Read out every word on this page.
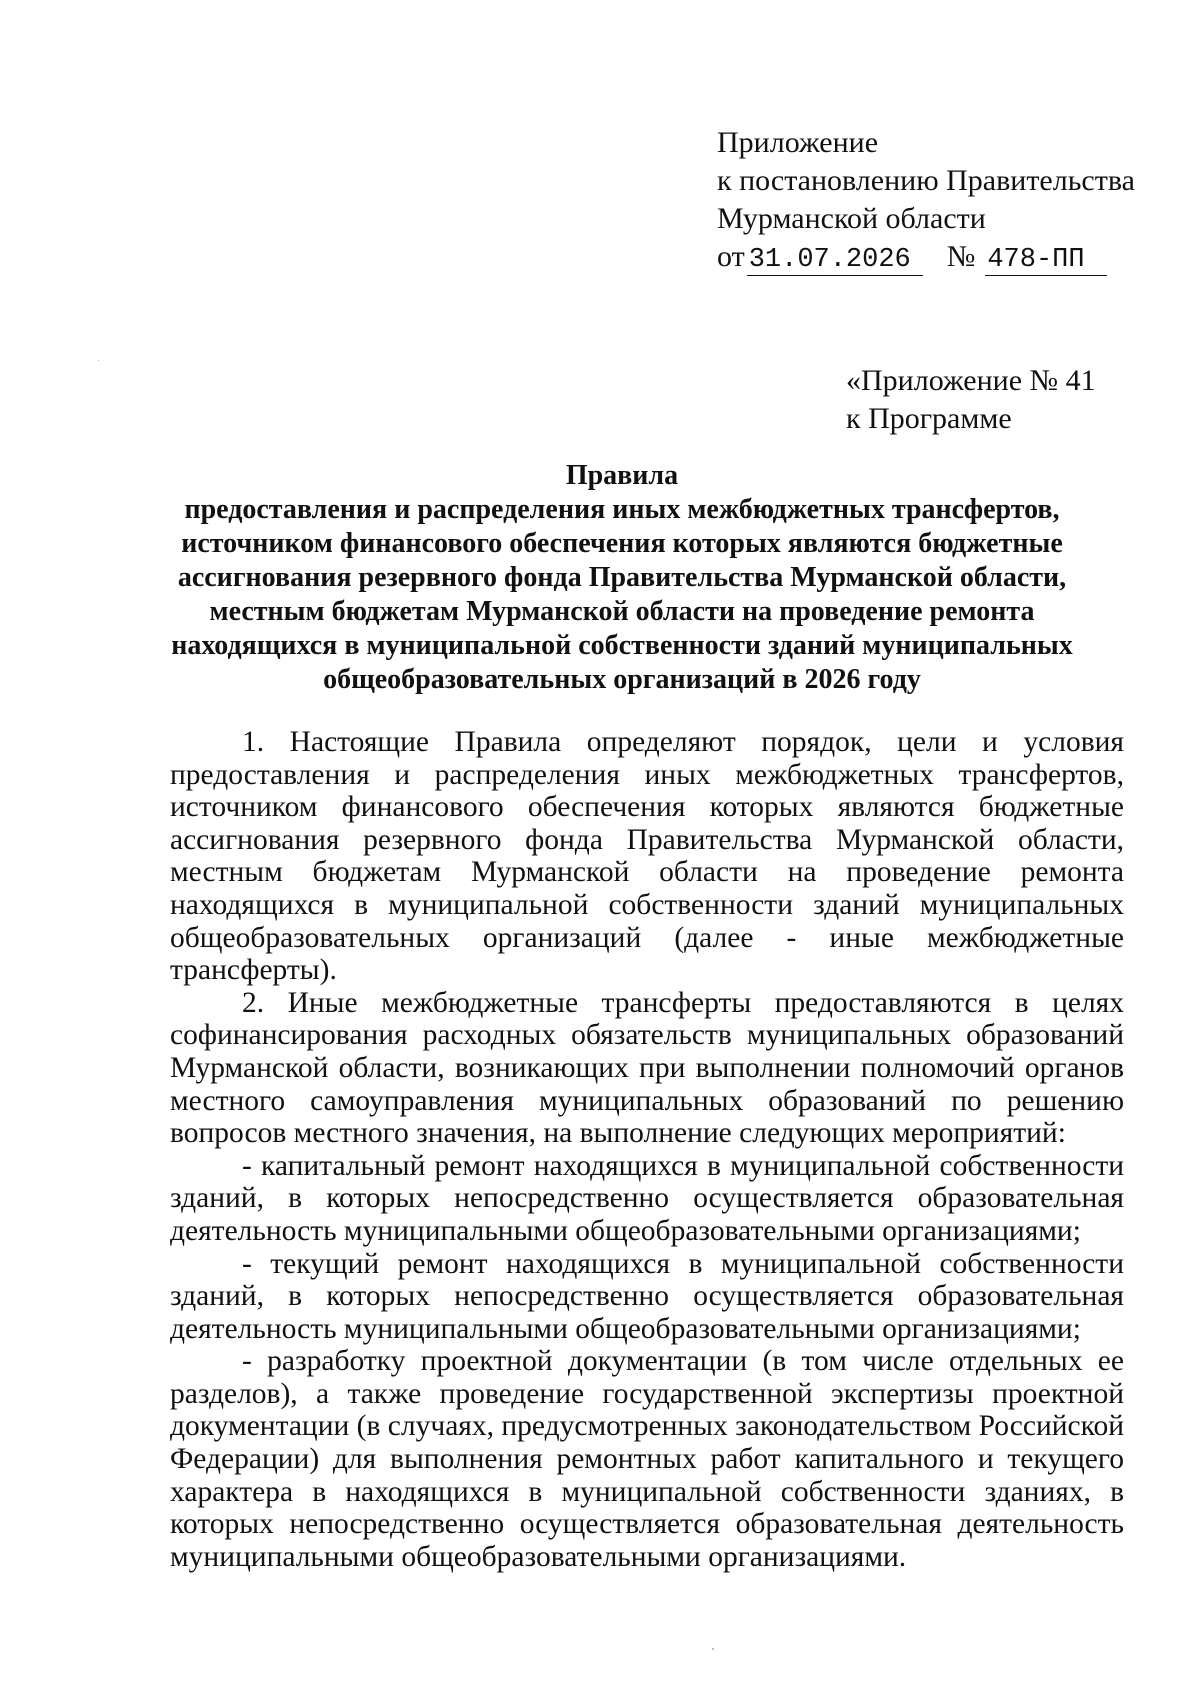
Приложение
к постановлению Правительства
Мурманской области
от 31.07.2026 № 478-ПП
«Приложение № 41
к Программе
Правила
предоставления и распределения иных межбюджетных трансфертов,
источником финансового обеспечения которых являются бюджетные
ассигнования резервного фонда Правительства Мурманской области,
местным бюджетам Мурманской области на проведение ремонта
находящихся в муниципальной собственности зданий муниципальных
общеобразовательных организаций в 2026 году

1. Настоящие Правила определяют порядок, цели и условия предоставления и распределения иных межбюджетных трансфертов, источником финансового обеспечения которых являются бюджетные ассигнования резервного фонда Правительства Мурманской области, местным бюджетам Мурманской области на проведение ремонта находящихся в муниципальной собственности зданий муниципальных общеобразовательных организаций (далее - иные межбюджетные трансферты).

2. Иные межбюджетные трансферты предоставляются в целях софинансирования расходных обязательств муниципальных образований Мурманской области, возникающих при выполнении полномочий органов местного самоуправления муниципальных образований по решению вопросов местного значения, на выполнение следующих мероприятий:

- капитальный ремонт находящихся в муниципальной собственности зданий, в которых непосредственно осуществляется образовательная деятельность муниципальными общеобразовательными организациями;

- текущий ремонт находящихся в муниципальной собственности зданий, в которых непосредственно осуществляется образовательная деятельность муниципальными общеобразовательными организациями;

- разработку проектной документации (в том числе отдельных ее разделов), а также проведение государственной экспертизы проектной документации (в случаях, предусмотренных законодательством Российской Федерации) для выполнения ремонтных работ капитального и текущего характера в находящихся в муниципальной собственности зданиях, в которых непосредственно осуществляется образовательная деятельность муниципальными общеобразовательными организациями.
